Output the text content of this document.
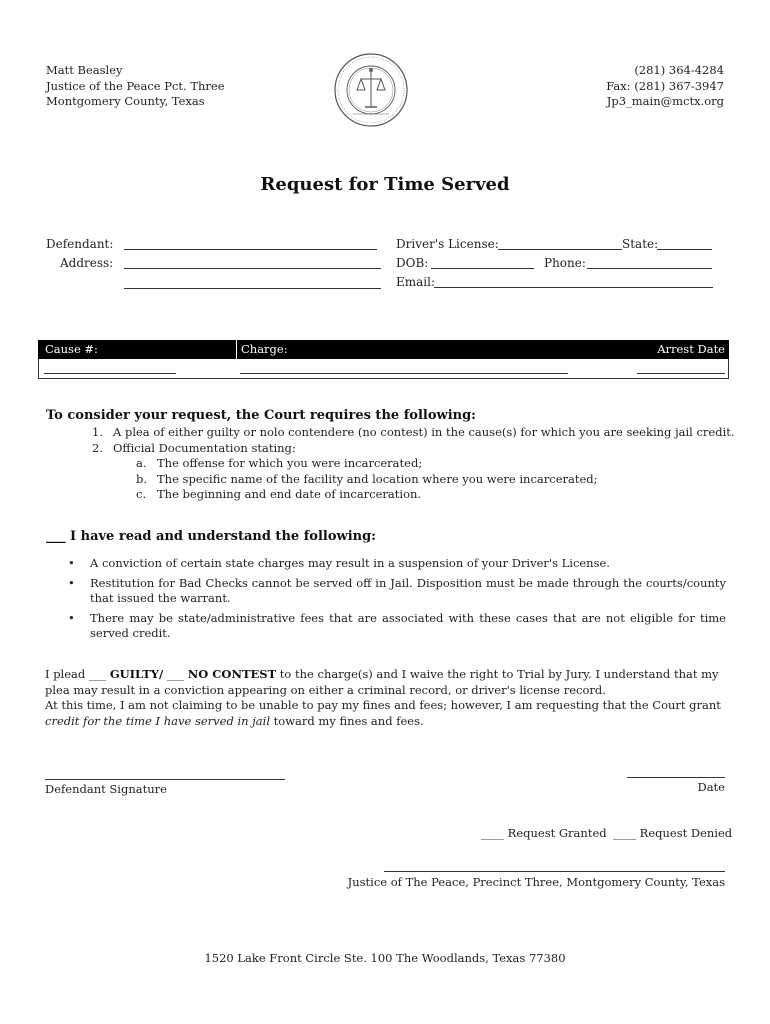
Matt Beasley
Justice of the Peace Pct. Three
Montgomery County, Texas
(281) 364-4284
Fax: (281) 367-3947
Jp3_main@mctx.org
Request for Time Served
Defendant:
Address:
Driver's License:	State:
DOB:	Phone:
Email:
Cause #:	Charge:	Arrest Date
To consider your request, the Court requires the following:
1. A plea of either guilty or nolo contendere (no contest) in the cause(s) for which you are seeking jail credit.
2. Official Documentation stating:
a. The offense for which you were incarcerated;
b. The specific name of the facility and location where you were incarcerated;
c. The beginning and end date of incarceration.
___ I have read and understand the following:
• A conviction of certain state charges may result in a suspension of your Driver's License.
• Restitution for Bad Checks cannot be served off in Jail. Disposition must be made through the courts/county that issued the warrant.
• There may be state/administrative fees that are associated with these cases that are not eligible for time served credit.

I plead ___ GUILTY/ ___ NO CONTEST to the charge(s) and I waive the right to Trial by Jury. I understand that my plea may result in a conviction appearing on either a criminal record, or driver's license record.

At this time, I am not claiming to be unable to pay my fines and fees; however, I am requesting that the Court grant credit for the time I have served in jail toward my fines and fees.

Defendant Signature	Date
____ Request Granted ____ Request Denied
Justice of The Peace, Precinct Three, Montgomery County, Texas
1520 Lake Front Circle Ste. 100 The Woodlands, Texas 77380
